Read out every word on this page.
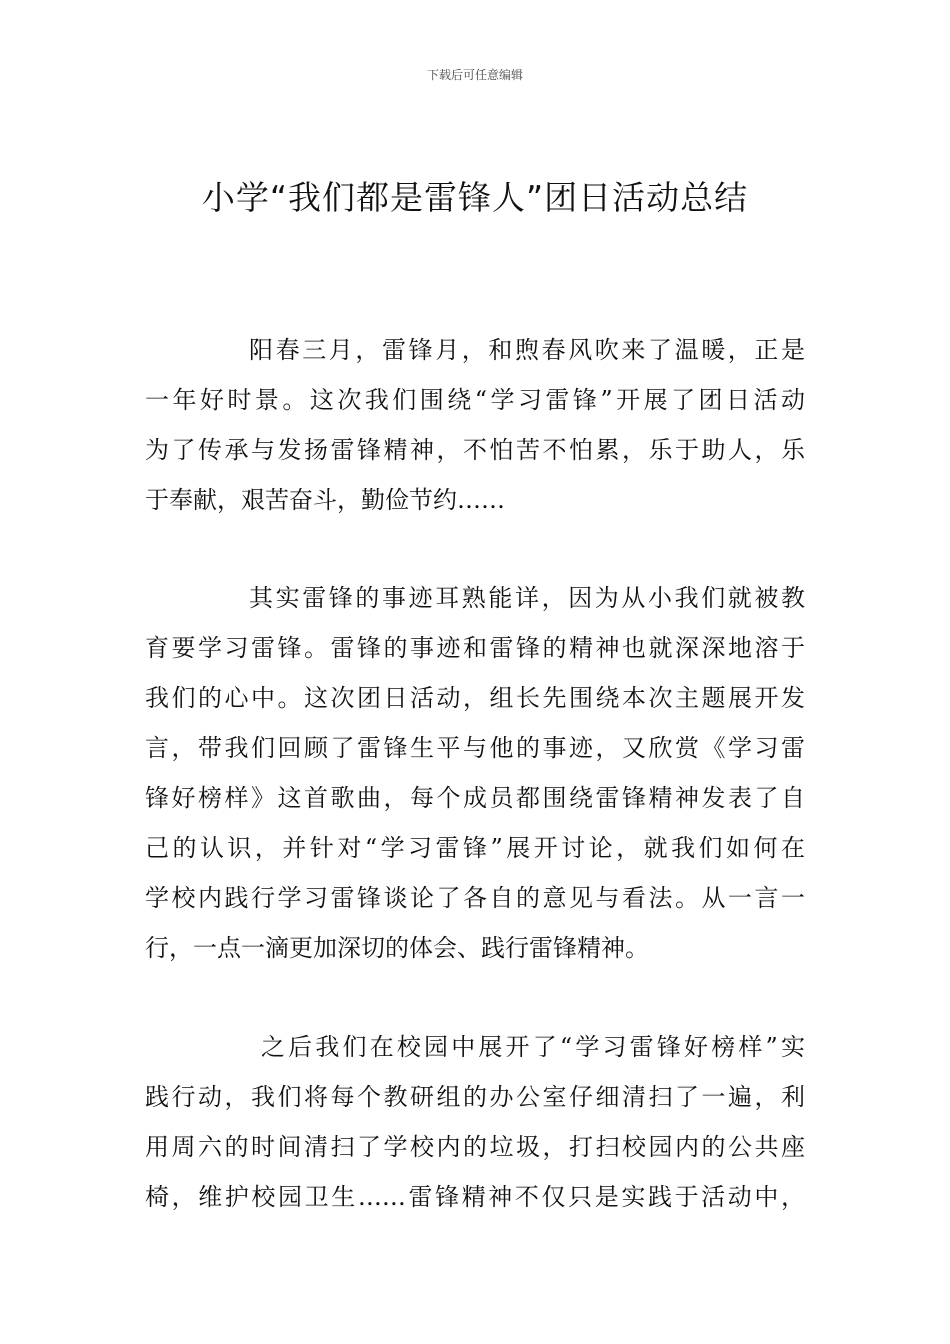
下载后可任意编辑
小学“我们都是雷锋人”团日活动总结
阳春三月，雷锋月，和煦春风吹来了温暖，正是
一年好时景。这次我们围绕“学习雷锋”开展了团日活动
为了传承与发扬雷锋精神，不怕苦不怕累，乐于助人，乐
于奉献，艰苦奋斗，勤俭节约……
其实雷锋的事迹耳熟能详，因为从小我们就被教
育要学习雷锋。雷锋的事迹和雷锋的精神也就深深地溶于
我们的心中。这次团日活动，组长先围绕本次主题展开发
言，带我们回顾了雷锋生平与他的事迹，又欣赏《学习雷
锋好榜样》这首歌曲，每个成员都围绕雷锋精神发表了自
己的认识，并针对“学习雷锋”展开讨论，就我们如何在
学校内践行学习雷锋谈论了各自的意见与看法。从一言一
行，一点一滴更加深切的体会、践行雷锋精神。
之后我们在校园中展开了“学习雷锋好榜样”实
践行动，我们将每个教研组的办公室仔细清扫了一遍，利
用周六的时间清扫了学校内的垃圾，打扫校园内的公共座
椅，维护校园卫生……雷锋精神不仅只是实践于活动中，
